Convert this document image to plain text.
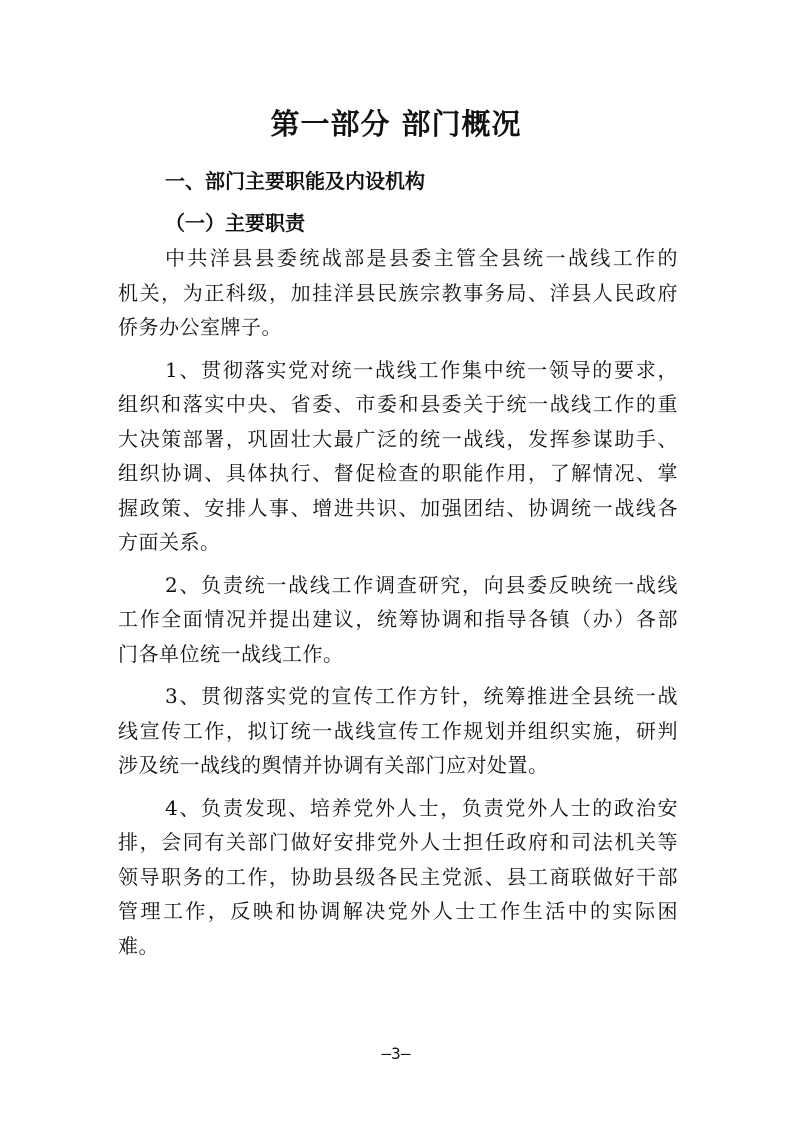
第一部分 部门概况
一、部门主要职能及内设机构
（一）主要职责
中共洋县县委统战部是县委主管全县统一战线工作的
机关，为正科级，加挂洋县民族宗教事务局、洋县人民政府
侨务办公室牌子。
1、贯彻落实党对统一战线工作集中统一领导的要求，
组织和落实中央、省委、市委和县委关于统一战线工作的重
大决策部署，巩固壮大最广泛的统一战线，发挥参谋助手、
组织协调、具体执行、督促检查的职能作用，了解情况、掌
握政策、安排人事、增进共识、加强团结、协调统一战线各
方面关系。
2、负责统一战线工作调查研究，向县委反映统一战线
工作全面情况并提出建议，统筹协调和指导各镇（办）各部
门各单位统一战线工作。
3、贯彻落实党的宣传工作方针，统筹推进全县统一战
线宣传工作，拟订统一战线宣传工作规划并组织实施，研判
涉及统一战线的舆情并协调有关部门应对处置。
4、负责发现、培养党外人士，负责党外人士的政治安
排，会同有关部门做好安排党外人士担任政府和司法机关等
领导职务的工作，协助县级各民主党派、县工商联做好干部
管理工作，反映和协调解决党外人士工作生活中的实际困
难。
—3—
